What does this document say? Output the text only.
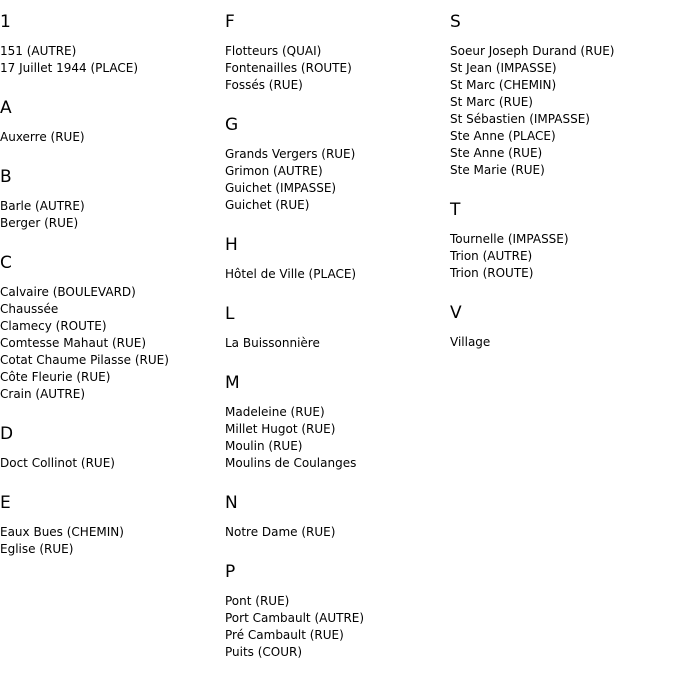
1
151 (AUTRE)
17 Juillet 1944 (PLACE)
A
Auxerre (RUE)
B
Barle (AUTRE)
Berger (RUE)
C
Calvaire (BOULEVARD)
Chaussée
Clamecy (ROUTE)
Comtesse Mahaut (RUE)
Cotat Chaume Pilasse (RUE)
Côte Fleurie (RUE)
Crain (AUTRE)
D
Doct Collinot (RUE)
E
Eaux Bues (CHEMIN)
Eglise (RUE)
F
Flotteurs (QUAI)
Fontenailles (ROUTE)
Fossés (RUE)
G
Grands Vergers (RUE)
Grimon (AUTRE)
Guichet (IMPASSE)
Guichet (RUE)
H
Hôtel de Ville (PLACE)
L
La Buissonnière
M
Madeleine (RUE)
Millet Hugot (RUE)
Moulin (RUE)
Moulins de Coulanges
N
Notre Dame (RUE)
P
Pont (RUE)
Port Cambault (AUTRE)
Pré Cambault (RUE)
Puits (COUR)
S
Soeur Joseph Durand (RUE)
St Jean (IMPASSE)
St Marc (CHEMIN)
St Marc (RUE)
St Sébastien (IMPASSE)
Ste Anne (PLACE)
Ste Anne (RUE)
Ste Marie (RUE)
T
Tournelle (IMPASSE)
Trion (AUTRE)
Trion (ROUTE)
V
Village
